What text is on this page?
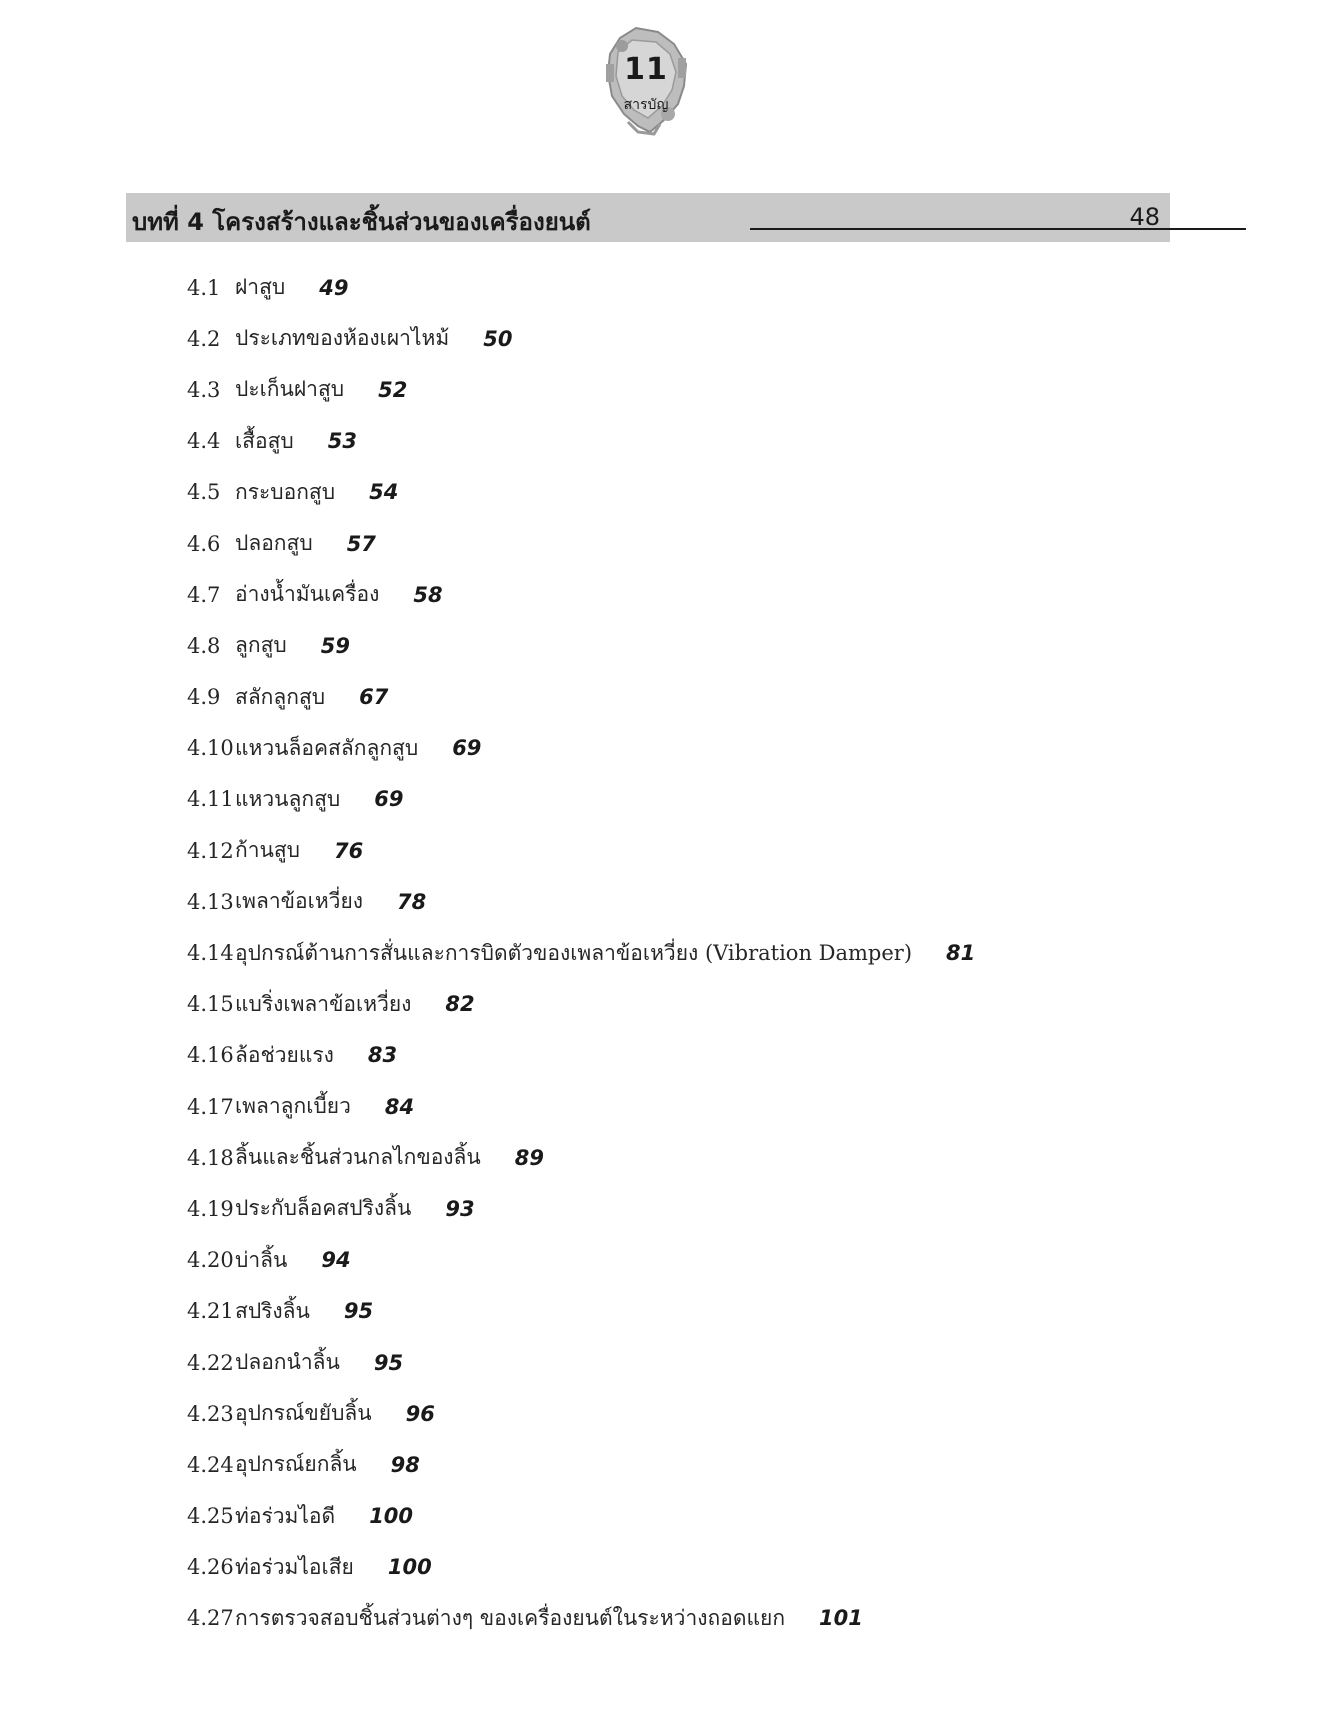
11
สารบัญ
บทที่ 4 โครงสร้างและชิ้นส่วนของเครื่องยนต์	48
4.1 ฝาสูบ 49
4.2 ประเภทของห้องเผาไหม้ 50
4.3 ปะเก็นฝาสูบ 52
4.4 เสื้อสูบ 53
4.5 กระบอกสูบ 54
4.6 ปลอกสูบ 57
4.7 อ่างน้ำมันเครื่อง 58
4.8 ลูกสูบ 59
4.9 สลักลูกสูบ 67
4.10 แหวนล็อคสลักลูกสูบ 69
4.11 แหวนลูกสูบ 69
4.12 ก้านสูบ 76
4.13 เพลาข้อเหวี่ยง 78
4.14 อุปกรณ์ต้านการสั่นและการบิดตัวของเพลาข้อเหวี่ยง (Vibration Damper) 81
4.15 แบริ่งเพลาข้อเหวี่ยง 82
4.16 ล้อช่วยแรง 83
4.17 เพลาลูกเบี้ยว 84
4.18 ลิ้นและชิ้นส่วนกลไกของลิ้น 89
4.19 ประกับล็อคสปริงลิ้น 93
4.20 บ่าลิ้น 94
4.21 สปริงลิ้น 95
4.22 ปลอกนำลิ้น 95
4.23 อุปกรณ์ขยับลิ้น 96
4.24 อุปกรณ์ยกลิ้น 98
4.25 ท่อร่วมไอดี 100
4.26 ท่อร่วมไอเสีย 100
4.27 การตรวจสอบชิ้นส่วนต่างๆ ของเครื่องยนต์ในระหว่างถอดแยก 101
